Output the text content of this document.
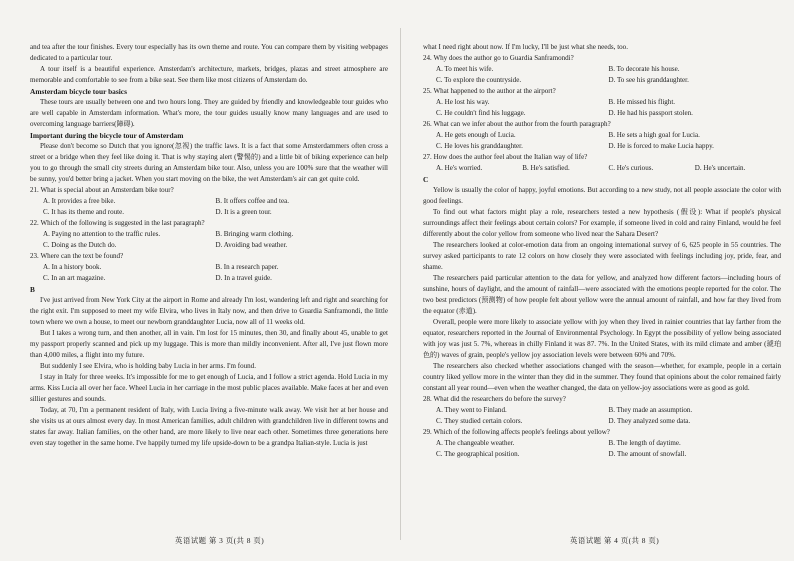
and tea after the tour finishes. Every tour especially has its own theme and route. You can compare them by visiting webpages dedicated to a particular tour.

A tour itself is a beautiful experience. Amsterdam's architecture, markets, bridges, plazas and street atmosphere are memorable and comfortable to see from a bike seat. See them like most citizens of Amsterdam do.

Amsterdam bicycle tour basics

These tours are usually between one and two hours long. They are guided by friendly and knowledgeable tour guides who are well capable in Amsterdam information. What's more, the tour guides usually know many languages and are used to overcoming language barriers(障碍).

Important during the bicycle tour of Amsterdam

Please don't become so Dutch that you ignore(忽视) the traffic laws. It is a fact that some Amsterdammers often cross a street or a bridge when they feel like doing it. That is why staying alert (警惕的) and a little bit of biking experience can help you to go through the small city streets during an Amsterdam bike tour. Also, unless you are 100% sure that the weather will be sunny, you'd better bring a jacket. When you start moving on the bike, the wet Amsterdam's air can get quite cold.

21. What is special about an Amsterdam bike tour?

A. It provides a free bike.	B. It offers coffee and tea.
C. It has its theme and route.	D. It is a green tour.

22. Which of the following is suggested in the last paragraph?

A. Paying no attention to the traffic rules.	B. Bringing warm clothing.
C. Doing as the Dutch do.	D. Avoiding bad weather.

23. Where can the text be found?

A. In a history book.	B. In a research paper.
C. In an art magazine.	D. In a travel guide.

B

I've just arrived from New York City at the airport in Rome and already I'm lost, wandering left and right and searching for the right exit. I'm supposed to meet my wife Elvira, who lives in Italy now, and then drive to Guardia Sanframondi, the little town where we own a house, to meet our newborn granddaughter Lucia, now all of 11 weeks old.

But I takes a wrong turn, and then another, all in vain. I'm lost for 15 minutes, then 30, and finally about 45, unable to get my passport properly scanned and pick up my luggage. This is more than mildly inconvenient. After all, I've just flown more than 4,000 miles, a flight into my future.

But suddenly I see Elvira, who is holding baby Lucia in her arms. I'm found.

I stay in Italy for three weeks. It's impossible for me to get enough of Lucia, and I follow a strict agenda. Hold Lucia in my arms. Kiss Lucia all over her face. Wheel Lucia in her carriage in the most public places available. Make faces at her and even sillier gestures and sounds.

Today, at 70, I'm a permanent resident of Italy, with Lucia living a five-minute walk away. We visit her at her house and she visits us at ours almost every day. In most American families, adult children with grandchildren live in different towns and states far away. Italian families, on the other hand, are more likely to live near each other. Sometimes three generations here even stay together in the same home. I've happily turned my life upside-down to be a grandpa Italian-style. Lucia is just

what I need right about now. If I'm lucky, I'll be just what she needs, too.

24. Why does the author go to Guardia Sanframondi?

A. To meet his wife.	B. To decorate his house.
C. To explore the countryside.	D. To see his granddaughter.

25. What happened to the author at the airport?

A. He lost his way.	B. He missed his flight.
C. He couldn't find his luggage.	D. He had his passport stolen.

26. What can we infer about the author from the fourth paragraph?

A. He gets enough of Lucia.	B. He sets a high goal for Lucia.
C. He loves his granddaughter.	D. He is forced to make Lucia happy.

27. How does the author feel about the Italian way of life?

A. He's worried.	B. He's satisfied.	C. He's curious.	D. He's uncertain.

C

Yellow is usually the color of happy, joyful emotions. But according to a new study, not all people associate the color with good feelings.

To find out what factors might play a role, researchers tested a new hypothesis (假设): What if people's physical surroundings affect their feelings about certain colors? For example, if someone lived in cold and rainy Finland, would he feel differently about the color yellow from someone who lived near the Sahara Desert?

The researchers looked at color-emotion data from an ongoing international survey of 6, 625 people in 55 countries. The survey asked participants to rate 12 colors on how closely they were associated with feelings including joy, pride, fear, and shame.

The researchers paid particular attention to the data for yellow, and analyzed how different factors—including hours of sunshine, hours of daylight, and the amount of rainfall—were associated with the emotions people reported for the color. The two best predictors (预测物) of how people felt about yellow were the annual amount of rainfall, and how far they lived from the equator (赤道).

Overall, people were more likely to associate yellow with joy when they lived in rainier countries that lay farther from the equator, researchers reported in the Journal of Environmental Psychology. In Egypt the possibility of yellow being associated with joy was just 5. 7%, whereas in chilly Finland it was 87. 7%. In the United States, with its mild climate and amber (琥珀色的) waves of grain, people's yellow joy association levels were between 60% and 70%.

The researchers also checked whether associations changed with the season—whether, for example, people in a certain country liked yellow more in the winter than they did in the summer. They found that opinions about the color remained fairly constant all year round—even when the weather changed, the data on yellow-joy associations were as good as gold.

28. What did the researchers do before the survey?

A. They went to Finland.	B. They made an assumption.
C. They studied certain colors.	D. They analyzed some data.

29. Which of the following affects people's feelings about yellow?

A. The changeable weather.	B. The length of daytime.
C. The geographical position.	D. The amount of snowfall.
英语试题 第 3 页(共 8 页)	英语试题 第 4 页(共 8 页)
